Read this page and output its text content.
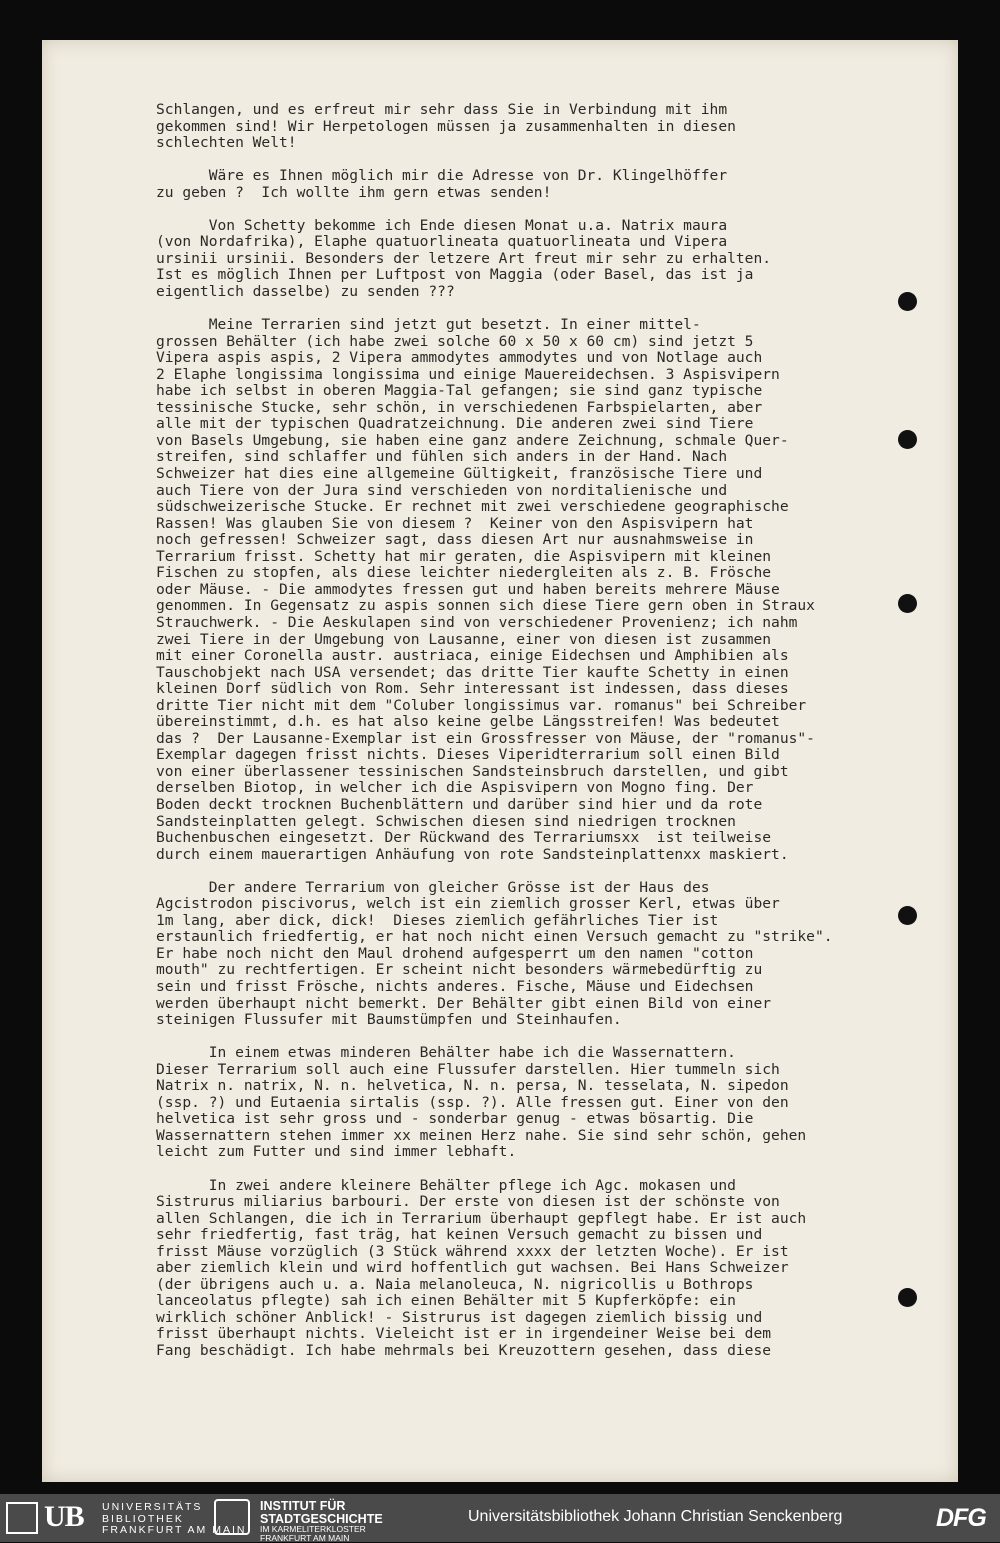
Schlangen, und es erfreut mir sehr dass Sie in Verbindung mit ihm
gekommen sind! Wir Herpetologen müssen ja zusammenhalten in diesen
schlechten Welt!
Wäre es Ihnen möglich mir die Adresse von Dr. Klingelhöffer
zu geben ?  Ich wollte ihm gern etwas senden!
Von Schetty bekomme ich Ende diesen Monat u.a. Natrix maura
(von Nordafrika), Elaphe quatuorlineata quatuorlineata und Vipera
ursinii ursinii. Besonders der letzere Art freut mir sehr zu erhalten.
Ist es möglich Ihnen per Luftpost von Maggia (oder Basel, das ist ja
eigentlich dasselbe) zu senden ???
Meine Terrarien sind jetzt gut besetzt. In einer mittel-
grossen Behälter (ich habe zwei solche 60 x 50 x 60 cm) sind jetzt 5
Vipera aspis aspis, 2 Vipera ammodytes ammodytes und von Notlage auch
2 Elaphe longissima longissima und einige Mauereidechsen. 3 Aspisvipern
habe ich selbst in oberen Maggia-Tal gefangen; sie sind ganz typische
tessinische Stucke, sehr schön, in verschiedenen Farbspielarten, aber
alle mit der typischen Quadratzeichnung. Die anderen zwei sind Tiere
von Basels Umgebung, sie haben eine ganz andere Zeichnung, schmale Quer-
streifen, sind schlaffer und fühlen sich anders in der Hand. Nach
Schweizer hat dies eine allgemeine Gültigkeit, französische Tiere und
auch Tiere von der Jura sind verschieden von norditalienische und
südschweizerische Stucke. Er rechnet mit zwei verschiedene geographische
Rassen! Was glauben Sie von diesem ?  Keiner von den Aspisvipern hat
noch gefressen! Schweizer sagt, dass diesen Art nur ausnahmsweise in
Terrarium frisst. Schetty hat mir geraten, die Aspisvipern mit kleinen
Fischen zu stopfen, als diese leichter niedergleiten als z. B. Frösche
oder Mäuse. - Die ammodytes fressen gut und haben bereits mehrere Mäuse
genommen. In Gegensatz zu aspis sonnen sich diese Tiere gern oben in Straux
Strauchwerk. - Die Aeskulapen sind von verschiedener Provenienz; ich nahm
zwei Tiere in der Umgebung von Lausanne, einer von diesen ist zusammen
mit einer Coronella austr. austriaca, einige Eidechsen und Amphibien als
Tauschobjekt nach USA versendet; das dritte Tier kaufte Schetty in einen
kleinen Dorf südlich von Rom. Sehr interessant ist indessen, dass dieses
dritte Tier nicht mit dem "Coluber longissimus var. romanus" bei Schreiber
übereinstimmt, d.h. es hat also keine gelbe Längsstreifen! Was bedeutet
das ?  Der Lausanne-Exemplar ist ein Grossfresser von Mäuse, der "romanus"-
Exemplar dagegen frisst nichts. Dieses Viperidterrarium soll einen Bild
von einer überlassener tessinischen Sandsteinsbruch darstellen, und gibt
derselben Biotop, in welcher ich die Aspisvipern von Mogno fing. Der
Boden deckt trocknen Buchenblättern und darüber sind hier und da rote
Sandsteinplatten gelegt. Schwischen diesen sind niedrigen trocknen
Buchenbuschen eingesetzt. Der Rückwand des Terrariumsxx  ist teilweise
durch einem mauerartigen Anhäufung von rote Sandsteinplattenxx maskiert.
Der andere Terrarium von gleicher Grösse ist der Haus des
Agcistrodon piscivorus, welch ist ein ziemlich grosser Kerl, etwas über
1m lang, aber dick, dick!  Dieses ziemlich gefährliches Tier ist
erstaunlich friedfertig, er hat noch nicht einen Versuch gemacht zu "strike".
Er habe noch nicht den Maul drohend aufgesperrt um den namen "cotton
mouth" zu rechtfertigen. Er scheint nicht besonders wärmebedürftig zu
sein und frisst Frösche, nichts anderes. Fische, Mäuse und Eidechsen
werden überhaupt nicht bemerkt. Der Behälter gibt einen Bild von einer
steinigen Flussufer mit Baumstümpfen und Steinhaufen.
In einem etwas minderen Behälter habe ich die Wassernattern.
Dieser Terrarium soll auch eine Flussufer darstellen. Hier tummeln sich
Natrix n. natrix, N. n. helvetica, N. n. persa, N. tesselata, N. sipedon
(ssp. ?) und Eutaenia sirtalis (ssp. ?). Alle fressen gut. Einer von den
helvetica ist sehr gross und - sonderbar genug - etwas bösartig. Die
Wassernattern stehen immer xx meinen Herz nahe. Sie sind sehr schön, gehen
leicht zum Futter und sind immer lebhaft.
In zwei andere kleinere Behälter pflege ich Agc. mokasen und
Sistrurus miliarius barbouri. Der erste von diesen ist der schönste von
allen Schlangen, die ich in Terrarium überhaupt gepflegt habe. Er ist auch
sehr friedfertig, fast träg, hat keinen Versuch gemacht zu bissen und
frisst Mäuse vorzüglich (3 Stück während xxxx der letzten Woche). Er ist
aber ziemlich klein und wird hoffentlich gut wachsen. Bei Hans Schweizer
(der übrigens auch u. a. Naia melanoleuca, N. nigricollis u Bothrops
lanceolatus pflegte) sah ich einen Behälter mit 5 Kupferköpfe: ein
wirklich schöner Anblick! - Sistrurus ist dagegen ziemlich bissig und
frisst überhaupt nichts. Vieleicht ist er in irgendeiner Weise bei dem
Fang beschädigt. Ich habe mehrmals bei Kreuzottern gesehen, dass diese
UB UNIVERSITÄTS
BIBLIOTHEK
FRANKFURT AM MAIN
INSTITUT FÜR
STADTGESCHICHTE
IM KARMELITERKLOSTER
FRANKFURT AM MAIN
Universitätsbibliothek Johann Christian Senckenberg	DFG
